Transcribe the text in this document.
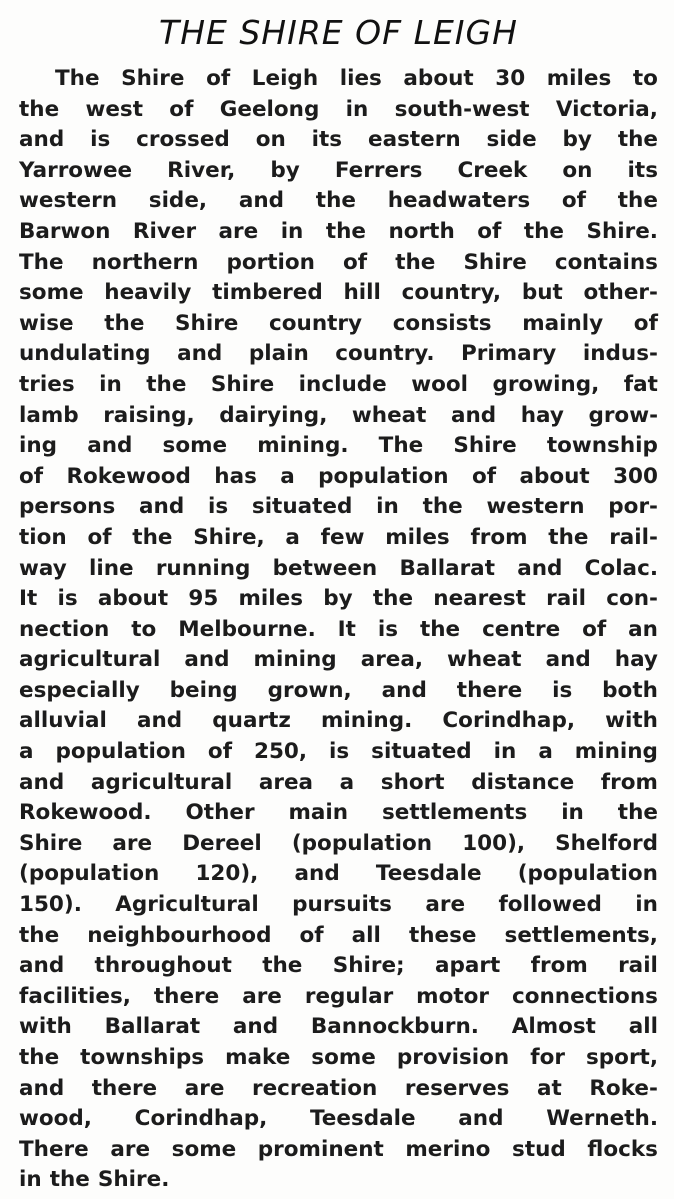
THE SHIRE OF LEIGH
The Shire of Leigh lies about 30 miles to
the west of Geelong in south-west Victoria,
and is crossed on its eastern side by the
Yarrowee River, by Ferrers Creek on its
western side, and the headwaters of the
Barwon River are in the north of the Shire.
The northern portion of the Shire contains
some heavily timbered hill country, but other-
wise the Shire country consists mainly of
undulating and plain country. Primary indus-
tries in the Shire include wool growing, fat
lamb raising, dairying, wheat and hay grow-
ing and some mining. The Shire township
of Rokewood has a population of about 300
persons and is situated in the western por-
tion of the Shire, a few miles from the rail-
way line running between Ballarat and Colac.
It is about 95 miles by the nearest rail con-
nection to Melbourne. It is the centre of an
agricultural and mining area, wheat and hay
especially being grown, and there is both
alluvial and quartz mining. Corindhap, with
a population of 250, is situated in a mining
and agricultural area a short distance from
Rokewood. Other main settlements in the
Shire are Dereel (population 100), Shelford
(population 120), and Teesdale (population
150). Agricultural pursuits are followed in
the neighbourhood of all these settlements,
and throughout the Shire; apart from rail
facilities, there are regular motor connections
with Ballarat and Bannockburn. Almost all
the townships make some provision for sport,
and there are recreation reserves at Roke-
wood, Corindhap, Teesdale and Werneth.
There are some prominent merino stud flocks
in the Shire.
